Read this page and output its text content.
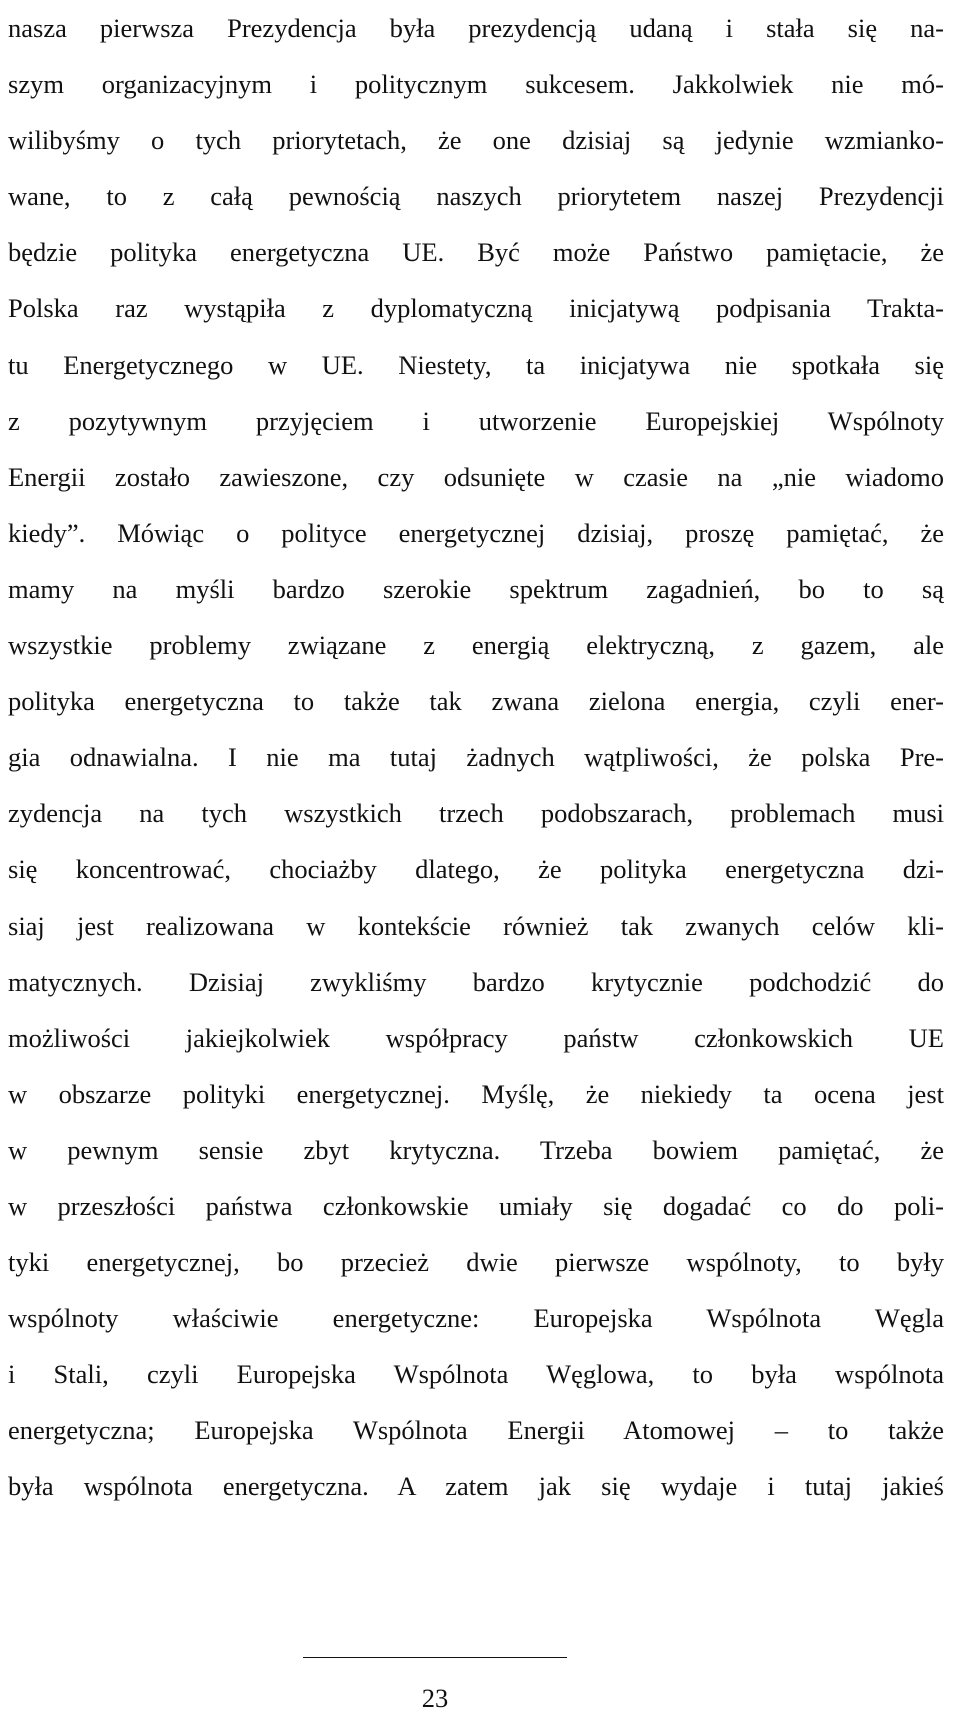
nasza pierwsza Prezydencja była prezydencją udaną i stała się na-
szym organizacyjnym i politycznym sukcesem. Jakkolwiek nie mó-
wilibyśmy o tych priorytetach, że one dzisiaj są jedynie wzmianko-
wane, to z całą pewnością naszych priorytetem naszej Prezydencji
będzie polityka energetyczna UE. Być może Państwo pamiętacie, że
Polska raz wystąpiła z dyplomatyczną inicjatywą podpisania Trakta-
tu Energetycznego w UE. Niestety, ta inicjatywa nie spotkała się
z pozytywnym przyjęciem i utworzenie Europejskiej Wspólnoty
Energii zostało zawieszone, czy odsunięte w czasie na „nie wiadomo
kiedy”. Mówiąc o polityce energetycznej dzisiaj, proszę pamiętać, że
mamy na myśli bardzo szerokie spektrum zagadnień, bo to są
wszystkie problemy związane z energią elektryczną, z gazem, ale
polityka energetyczna to także tak zwana zielona energia, czyli ener-
gia odnawialna. I nie ma tutaj żadnych wątpliwości, że polska Pre-
zydencja na tych wszystkich trzech podobszarach, problemach musi
się koncentrować, chociażby dlatego, że polityka energetyczna dzi-
siaj jest realizowana w kontekście również tak zwanych celów kli-
matycznych. Dzisiaj zwykliśmy bardzo krytycznie podchodzić do
możliwości jakiejkolwiek współpracy państw członkowskich UE
w obszarze polityki energetycznej. Myślę, że niekiedy ta ocena jest
w pewnym sensie zbyt krytyczna. Trzeba bowiem pamiętać, że
w przeszłości państwa członkowskie umiały się dogadać co do poli-
tyki energetycznej, bo przecież dwie pierwsze wspólnoty, to były
wspólnoty właściwie energetyczne: Europejska Wspólnota Węgla
i Stali, czyli Europejska Wspólnota Węglowa, to była wspólnota
energetyczna; Europejska Wspólnota Energii Atomowej – to także
była wspólnota energetyczna. A zatem jak się wydaje i tutaj jakieś
23
